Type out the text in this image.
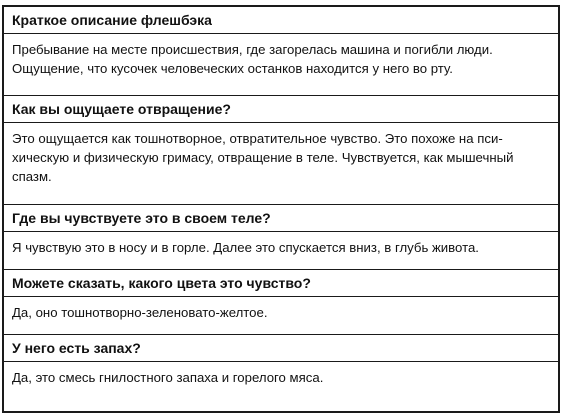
Краткое описание флешбэка
Пребывание на месте происшествия, где загорелась машина и погибли люди.
Ощущение, что кусочек человеческих останков находится у него во рту.
Как вы ощущаете отвращение?
Это ощущается как тошнотворное, отвратительное чувство. Это похоже на пси-
хическую и физическую гримасу, отвращение в теле. Чувствуется, как мышечный
спазм.
Где вы чувствуете это в своем теле?
Я чувствую это в носу и в горле. Далее это спускается вниз, в глубь живота.
Можете сказать, какого цвета это чувство?
Да, оно тошнотворно-зеленовато-желтое.
У него есть запах?
Да, это смесь гнилостного запаха и горелого мяса.
